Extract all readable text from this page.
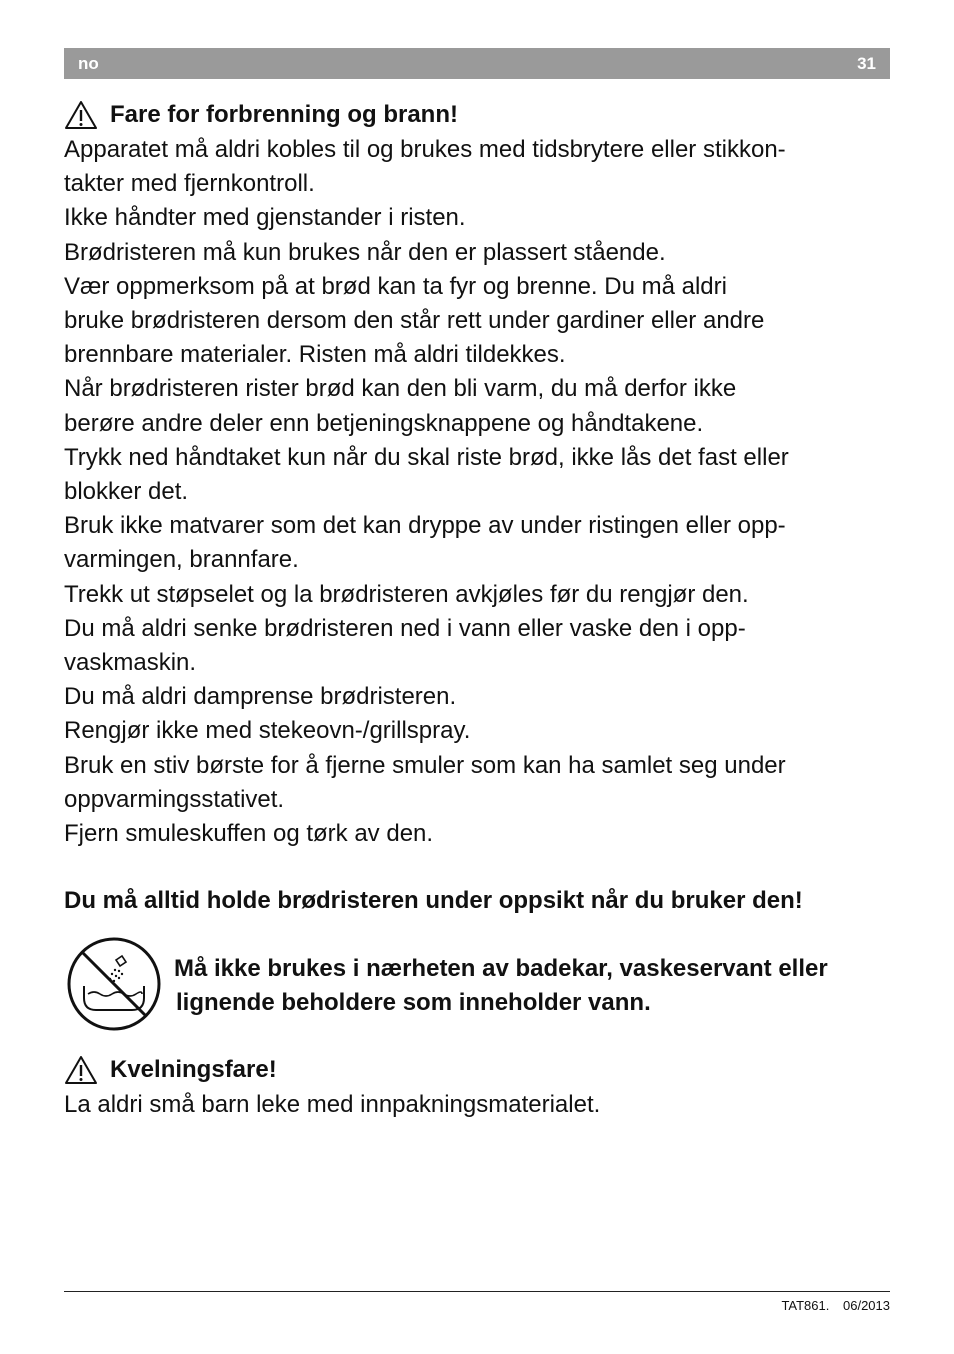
no	31
Fare for forbrenning og brann!
Apparatet må aldri kobles til og brukes med tidsbrytere eller stikkon-
takter med fjernkontroll.
Ikke håndter med gjenstander i risten.
Brødristeren må kun brukes når den er plassert stående.
Vær oppmerksom på at brød kan ta fyr og brenne. Du må aldri
bruke brødristeren dersom den står rett under gardiner eller andre
brennbare materialer. Risten må aldri tildekkes.
Når brødristeren rister brød kan den bli varm, du må derfor ikke
berøre andre deler enn betjeningsknappene og håndtakene.
Trykk ned håndtaket kun når du skal riste brød, ikke lås det fast eller
blokker det.
Bruk ikke matvarer som det kan dryppe av under ristingen eller opp-
varmingen, brannfare.
Trekk ut støpselet og la brødristeren avkjøles før du rengjør den.
Du må aldri senke brødristeren ned i vann eller vaske den i opp-
vaskmaskin.
Du må aldri damprense brødristeren.
Rengjør ikke med stekeovn-/grillspray.
Bruk en stiv børste for å fjerne smuler som kan ha samlet seg under
oppvarmingsstativet.
Fjern smuleskuffen og tørk av den.
Du må alltid holde brødristeren under oppsikt når du bruker den!
Må ikke brukes i nærheten av badekar, vaskeservant eller
lignende beholdere som inneholder vann.
Kvelningsfare!

La aldri små barn leke med innpakningsmaterialet.

TAT861. 06/2013
